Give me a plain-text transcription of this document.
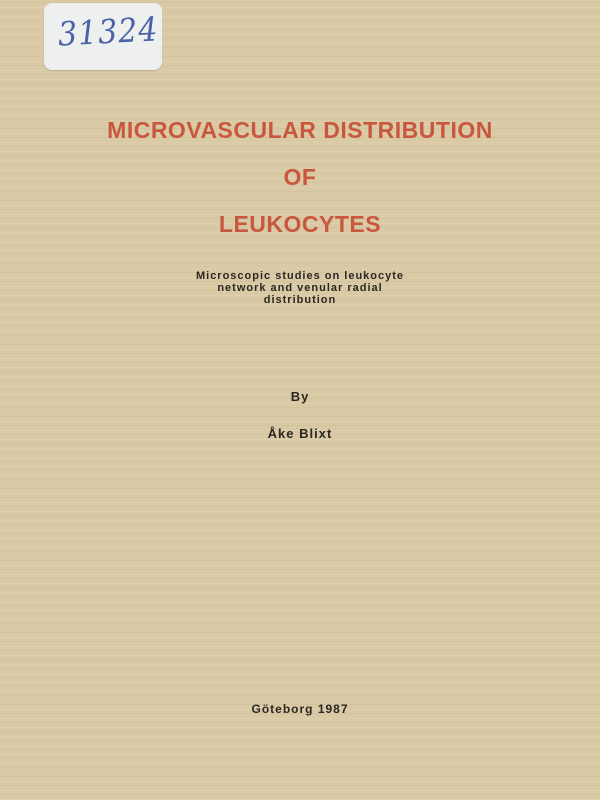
31324
MICROVASCULAR DISTRIBUTION
OF
LEUKOCYTES
Microscopic studies on leukocyte
network and venular radial
distribution
By
Åke Blixt
Göteborg 1987
